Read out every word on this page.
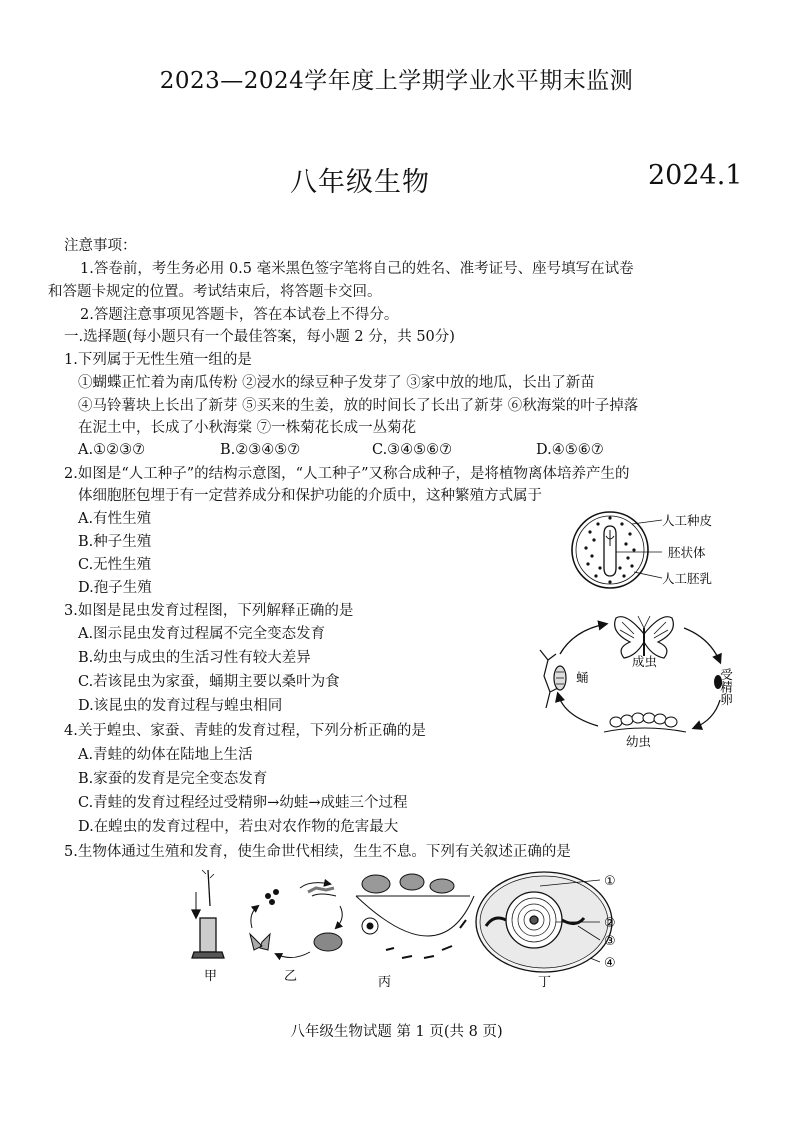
2023—2024学年度上学期学业水平期末监测
八年级生物	2024.1
注意事项：
1.答卷前，考生务必用 0.5 毫米黑色签字笔将自己的姓名、准考证号、座号填写在试卷
和答题卡规定的位置。考试结束后，将答题卡交回。
2.答题注意事项见答题卡，答在本试卷上不得分。
一.选择题(每小题只有一个最佳答案，每小题 2 分，共 50分)
1.下列属于无性生殖一组的是
①蝴蝶正忙着为南瓜传粉 ②浸水的绿豆种子发芽了 ③家中放的地瓜，长出了新苗
④马铃薯块上长出了新芽 ⑤买来的生姜，放的时间长了长出了新芽 ⑥秋海棠的叶子掉落
在泥土中，长成了小秋海棠 ⑦一株菊花长成一丛菊花
A.①②③⑦	B.②③④⑤⑦	C.③④⑤⑥⑦	D.④⑤⑥⑦
2.如图是“人工种子”的结构示意图，“人工种子”又称合成种子，是将植物离体培养产生的
体细胞胚包埋于有一定营养成分和保护功能的介质中，这种繁殖方式属于
A.有性生殖
B.种子生殖
C.无性生殖
D.孢子生殖
人工种皮
胚状体
人工胚乳
3.如图是昆虫发育过程图，下列解释正确的是
A.图示昆虫发育过程属不完全变态发育
B.幼虫与成虫的生活习性有较大差异
C.若该昆虫为家蚕，蛹期主要以桑叶为食
D.该昆虫的发育过程与蝗虫相同
成虫
受精卵
幼虫
蛹
4.关于蝗虫、家蚕、青蛙的发育过程，下列分析正确的是
A.青蛙的幼体在陆地上生活
B.家蚕的发育是完全变态发育
C.青蛙的发育过程经过受精卵→幼蛙→成蛙三个过程
D.在蝗虫的发育过程中，若虫对农作物的危害最大
5.生物体通过生殖和发育，使生命世代相续，生生不息。下列有关叙述正确的是
甲	乙	丙
①
②
③
④
丁
八年级生物试题 第 1 页(共 8 页)
